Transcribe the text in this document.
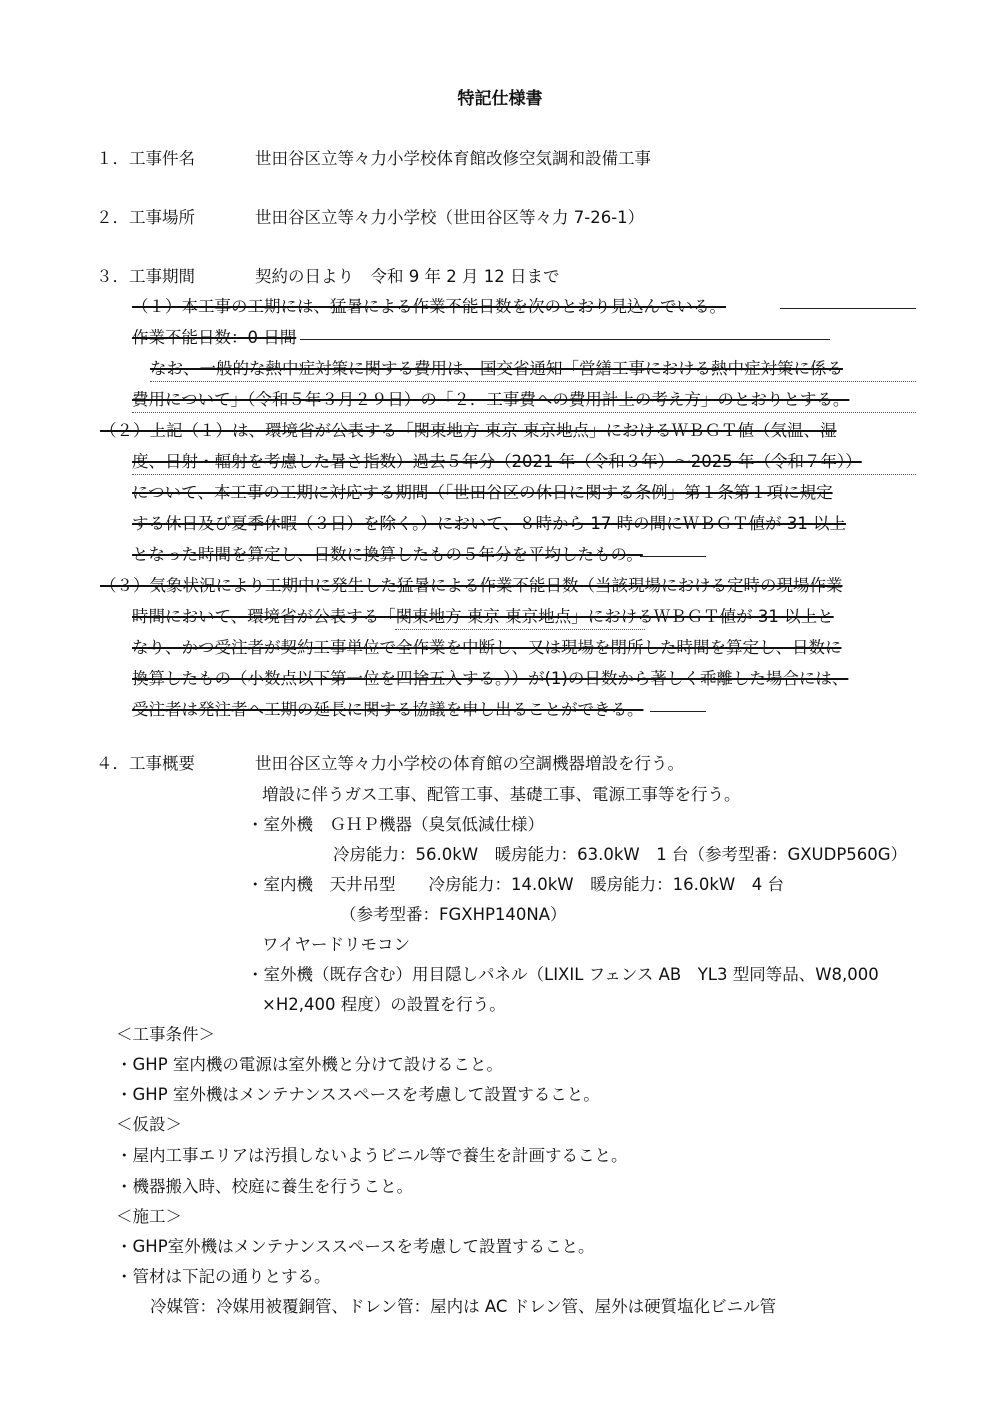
特記仕様書
１．工事件名	世田谷区立等々力小学校体育館改修空気調和設備工事
２．工事場所	世田谷区立等々力小学校（世田谷区等々力 7-26-1）
３．工事期間	契約の日より　令和 9 年 2 月 12 日まで
（１）本工事の工期には、猛暑による作業不能日数を次のとおり見込んでいる。
作業不能日数：0 日間
なお、一般的な熱中症対策に関する費用は、国交省通知「営繕工事における熱中症対策に係る
費用について」（令和５年３月２９日）の「２．工事費への費用計上の考え方」のとおりとする。
（２）上記（１）は、環境省が公表する「関東地方 東京 東京地点」におけるＷＢＧＴ値（気温、湿
度、日射・輻射を考慮した暑さ指数）過去５年分（2021 年（令和３年）～2025 年（令和７年））
について、本工事の工期に対応する期間（「世田谷区の休日に関する条例」第１条第１項に規定
する休日及び夏季休暇（３日）を除く。）において、８時から 17 時の間にＷＢＧＴ値が 31 以上
となった時間を算定し、日数に換算したもの５年分を平均したもの。
（３）気象状況により工期中に発生した猛暑による作業不能日数（当該現場における定時の現場作業
時間において、環境省が公表する「関東地方 東京 東京地点」におけるＷＢＧＴ値が 31 以上と
なり、かつ受注者が契約工事単位で全作業を中断し、又は現場を閉所した時間を算定し、日数に
換算したもの（小数点以下第一位を四捨五入する。））が(1)の日数から著しく乖離した場合には、
受注者は発注者へ工期の延長に関する協議を申し出ることができる。
４．工事概要	世田谷区立等々力小学校の体育館の空調機器増設を行う。
増設に伴うガス工事、配管工事、基礎工事、電源工事等を行う。
・室外機　ＧＨＰ機器（臭気低減仕様）
冷房能力：56.0kW　暖房能力：63.0kW　1 台（参考型番：GXUDP560G）
・室内機　天井吊型　　冷房能力：14.0kW　暖房能力：16.0kW　4 台
（参考型番：FGXHP140NA）
ワイヤードリモコン
・室外機（既存含む）用目隠しパネル（LIXIL フェンス AB　YL3 型同等品、W8,000
×H2,400 程度）の設置を行う。
＜工事条件＞
・GHP 室内機の電源は室外機と分けて設けること。
・GHP 室外機はメンテナンススペースを考慮して設置すること。
＜仮設＞
・屋内工事エリアは汚損しないようビニル等で養生を計画すること。
・機器搬入時、校庭に養生を行うこと。
＜施工＞
・GHP室外機はメンテナンススペースを考慮して設置すること。
・管材は下記の通りとする。
冷媒管：冷媒用被覆銅管、ドレン管：屋内は AC ドレン管、屋外は硬質塩化ビニル管
